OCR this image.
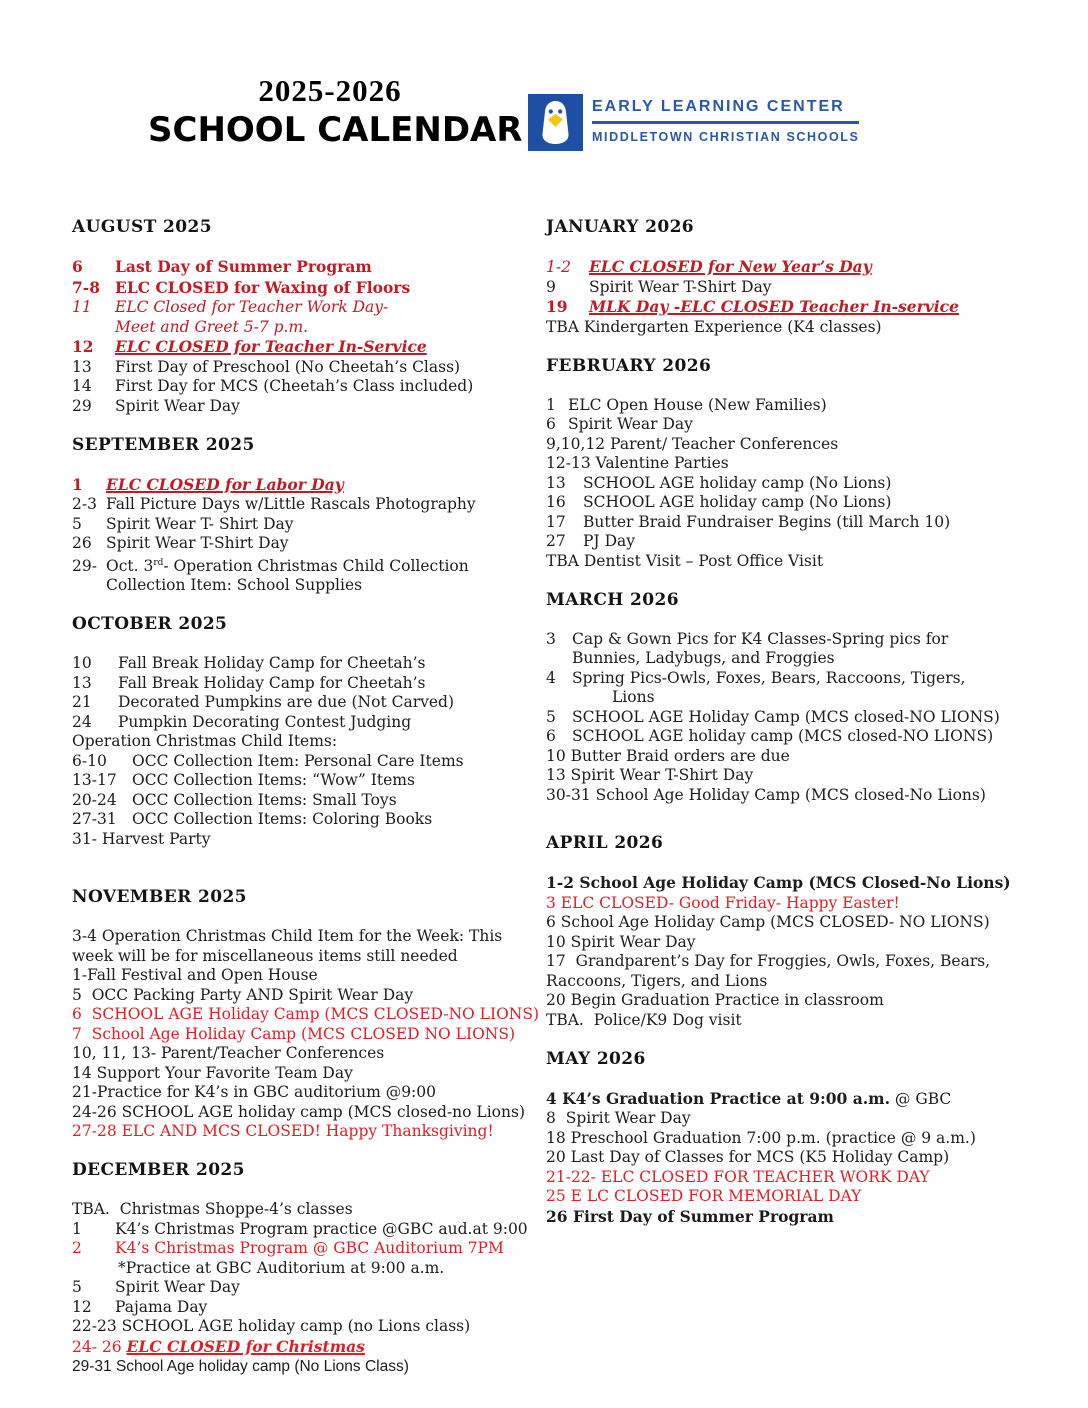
2025-2026
SCHOOL CALENDAR
EARLY LEARNING CENTER
MIDDLETOWN CHRISTIAN SCHOOLS
AUGUST 2025
6 Last Day of Summer Program
7-8 ELC CLOSED for Waxing of Floors
11 ELC Closed for Teacher Work Day-
Meet and Greet 5-7 p.m.
12 ELC CLOSED for Teacher In-Service
13 First Day of Preschool (No Cheetah’s Class)
14 First Day for MCS (Cheetah’s Class included)
29 Spirit Wear Day
SEPTEMBER 2025
1 ELC CLOSED for Labor Day
2-3 Fall Picture Days w/Little Rascals Photography
5 Spirit Wear T- Shirt Day
26 Spirit Wear T-Shirt Day
29- Oct. 3rd- Operation Christmas Child Collection
Collection Item: School Supplies
OCTOBER 2025
10 Fall Break Holiday Camp for Cheetah’s
13 Fall Break Holiday Camp for Cheetah’s
21 Decorated Pumpkins are due (Not Carved)
24 Pumpkin Decorating Contest Judging
Operation Christmas Child Items:
6-10 OCC Collection Item: Personal Care Items
13-17 OCC Collection Items: “Wow” Items
20-24 OCC Collection Items: Small Toys
27-31 OCC Collection Items: Coloring Books
31- Harvest Party
NOVEMBER 2025
3-4 Operation Christmas Child Item for the Week: This
week will be for miscellaneous items still needed
1-Fall Festival and Open House
5  OCC Packing Party AND Spirit Wear Day
6  SCHOOL AGE Holiday Camp (MCS CLOSED-NO LIONS)
7  School Age Holiday Camp (MCS CLOSED NO LIONS)
10, 11, 13- Parent/Teacher Conferences
14 Support Your Favorite Team Day
21-Practice for K4’s in GBC auditorium @9:00
24-26 SCHOOL AGE holiday camp (MCS closed-no Lions)
27-28 ELC AND MCS CLOSED! Happy Thanksgiving!
DECEMBER 2025
TBA.  Christmas Shoppe-4’s classes
1 K4’s Christmas Program practice @GBC aud.at 9:00
2 K4’s Christmas Program @ GBC Auditorium 7PM
*Practice at GBC Auditorium at 9:00 a.m.
5 Spirit Wear Day
12 Pajama Day
22-23 SCHOOL AGE holiday camp (no Lions class)
24- 26 ELC CLOSED for Christmas
29-31 School Age holiday camp (No Lions Class)
JANUARY 2026
1-2 ELC CLOSED for New Year’s Day
9 Spirit Wear T-Shirt Day
19 MLK Day -ELC CLOSED Teacher In-service
TBA Kindergarten Experience (K4 classes)
FEBRUARY 2026
1 ELC Open House (New Families)
6 Spirit Wear Day
9,10,12 Parent/ Teacher Conferences
12-13 Valentine Parties
13 SCHOOL AGE holiday camp (No Lions)
16 SCHOOL AGE holiday camp (No Lions)
17 Butter Braid Fundraiser Begins (till March 10)
27 PJ Day
TBA Dentist Visit – Post Office Visit
MARCH 2026
3 Cap & Gown Pics for K4 Classes-Spring pics for
Bunnies, Ladybugs, and Froggies
4 Spring Pics-Owls, Foxes, Bears, Raccoons, Tigers,
Lions
5 SCHOOL AGE Holiday Camp (MCS closed-NO LIONS)
6 SCHOOL AGE holiday camp (MCS closed-NO LIONS)
10 Butter Braid orders are due
13 Spirit Wear T-Shirt Day
30-31 School Age Holiday Camp (MCS closed-No Lions)
APRIL 2026
1-2 School Age Holiday Camp (MCS Closed-No Lions)
3 ELC CLOSED- Good Friday- Happy Easter!
6 School Age Holiday Camp (MCS CLOSED- NO LIONS)
10 Spirit Wear Day
17  Grandparent’s Day for Froggies, Owls, Foxes, Bears,
Raccoons, Tigers, and Lions
20 Begin Graduation Practice in classroom
TBA.  Police/K9 Dog visit
MAY 2026
4 K4’s Graduation Practice at 9:00 a.m. @ GBC
8  Spirit Wear Day
18 Preschool Graduation 7:00 p.m. (practice @ 9 a.m.)
20 Last Day of Classes for MCS (K5 Holiday Camp)
21-22- ELC CLOSED FOR TEACHER WORK DAY
25 E LC CLOSED FOR MEMORIAL DAY
26 First Day of Summer Program
